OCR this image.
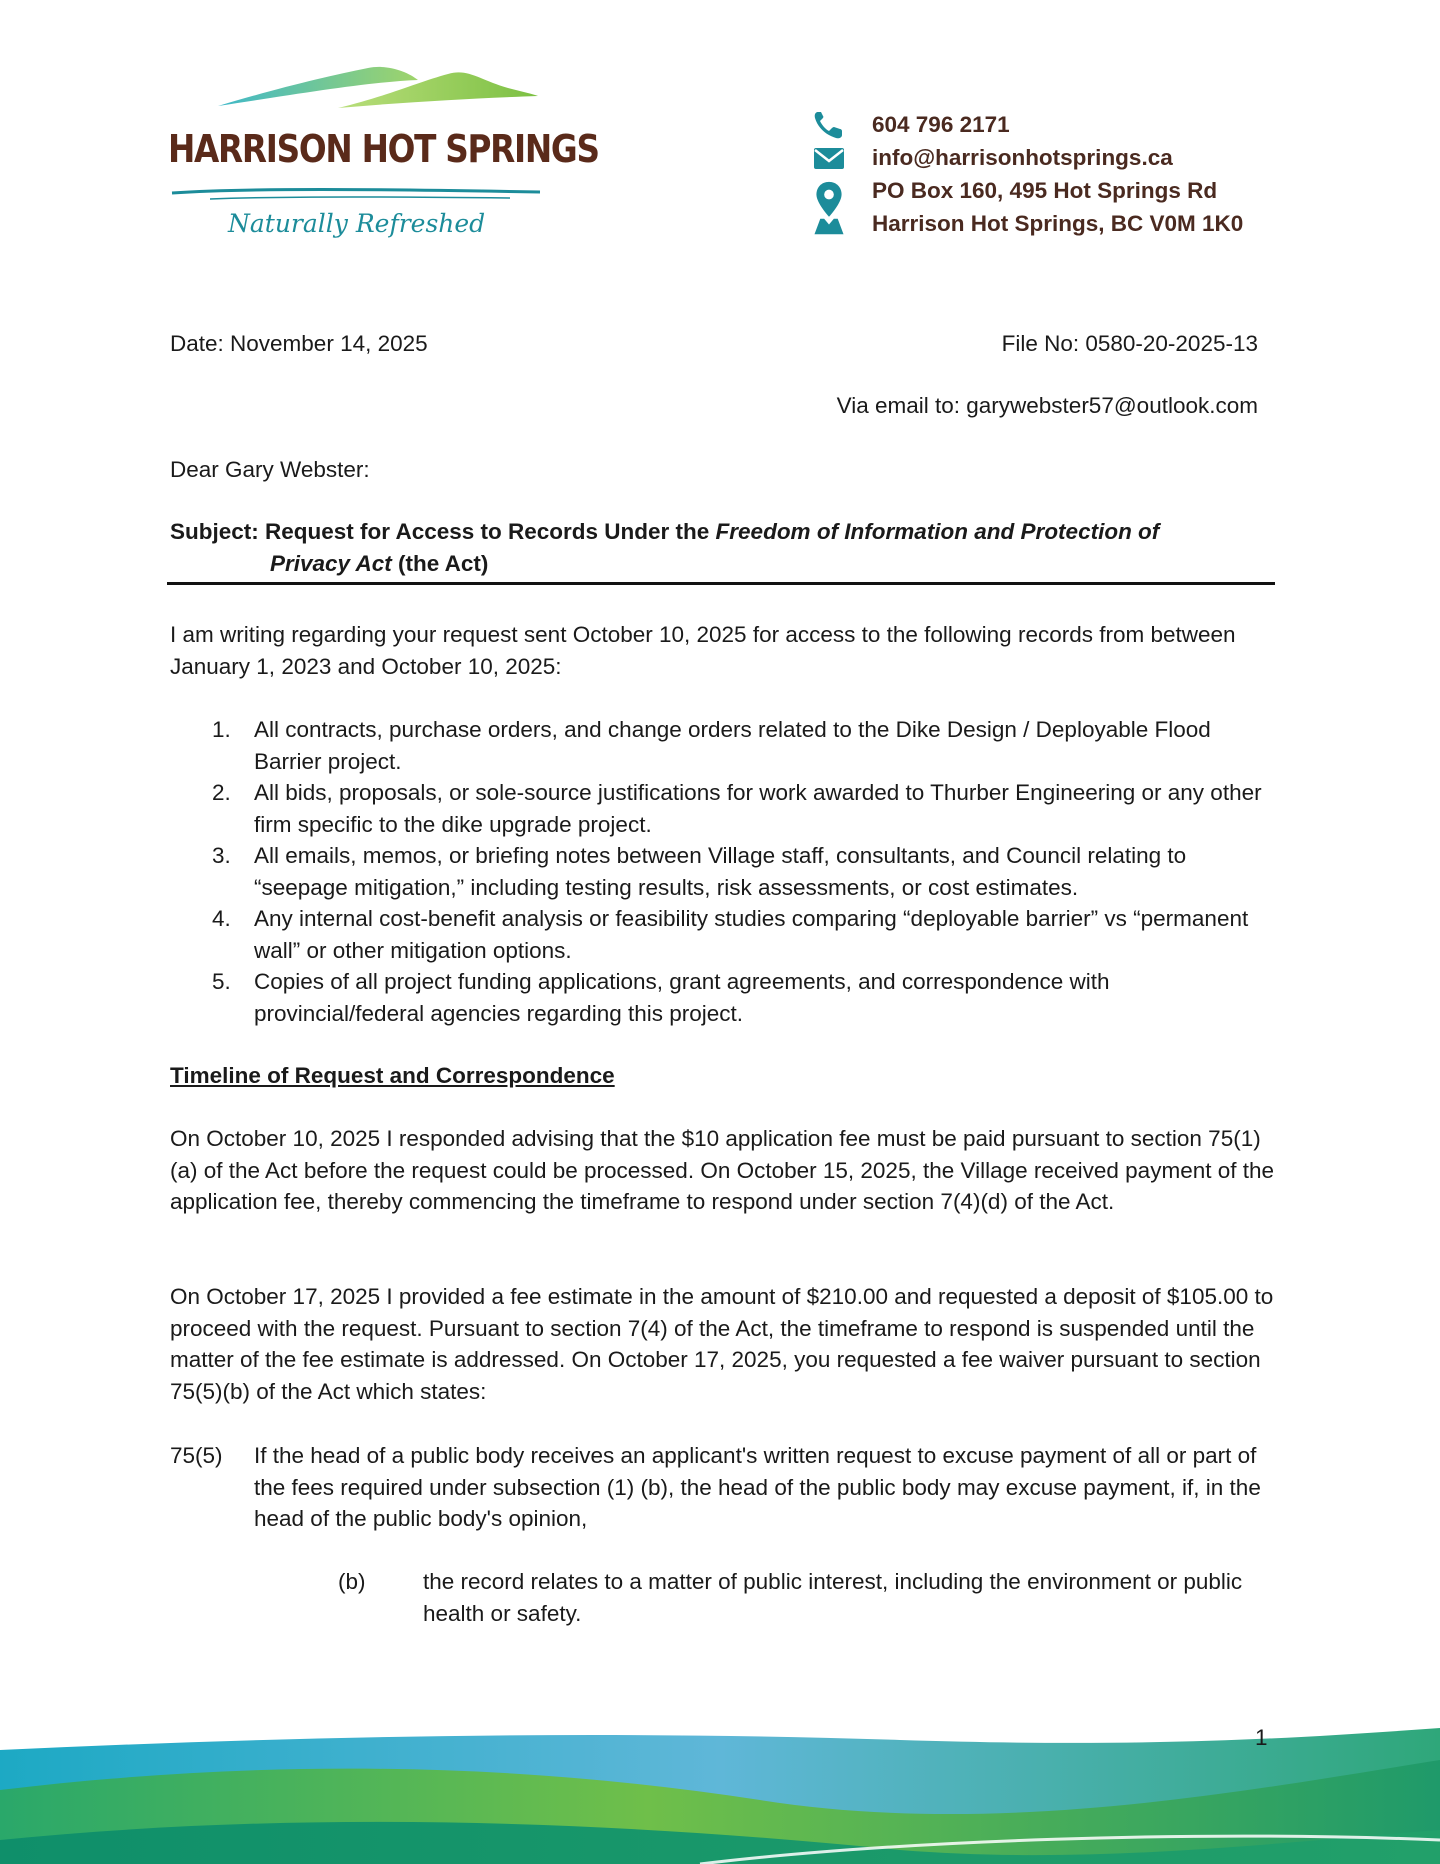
HARRISON HOT SPRINGS
Naturally Refreshed
604 796 2171
info@harrisonhotsprings.ca
PO Box 160, 495 Hot Springs Rd
Harrison Hot Springs, BC V0M 1K0
Date: November 14, 2025	File No: 0580-20-2025-13
Via email to: garywebster57@outlook.com
Dear Gary Webster:
Subject: Request for Access to Records Under the Freedom of Information and Protection of
Privacy Act (the Act)

I am writing regarding your request sent October 10, 2025 for access to the following records from between January 1, 2023 and October 10, 2025:

1. All contracts, purchase orders, and change orders related to the Dike Design / Deployable Flood Barrier project.
2. All bids, proposals, or sole-source justifications for work awarded to Thurber Engineering or any other firm specific to the dike upgrade project.
3. All emails, memos, or briefing notes between Village staff, consultants, and Council relating to “seepage mitigation,” including testing results, risk assessments, or cost estimates.
4. Any internal cost-benefit analysis or feasibility studies comparing “deployable barrier” vs “permanent wall” or other mitigation options.
5. Copies of all project funding applications, grant agreements, and correspondence with provincial/federal agencies regarding this project.
Timeline of Request and Correspondence

On October 10, 2025 I responded advising that the $10 application fee must be paid pursuant to section 75(1)(a) of the Act before the request could be processed. On October 15, 2025, the Village received payment of the application fee, thereby commencing the timeframe to respond under section 7(4)(d) of the Act.

On October 17, 2025 I provided a fee estimate in the amount of $210.00 and requested a deposit of $105.00 to proceed with the request. Pursuant to section 7(4) of the Act, the timeframe to respond is suspended until the matter of the fee estimate is addressed. On October 17, 2025, you requested a fee waiver pursuant to section 75(5)(b) of the Act which states:

75(5) If the head of a public body receives an applicant's written request to excuse payment of all or part of the fees required under subsection (1) (b), the head of the public body may excuse payment, if, in the head of the public body's opinion,

(b)	the record relates to a matter of public interest, including the environment or public health or safety.

1
